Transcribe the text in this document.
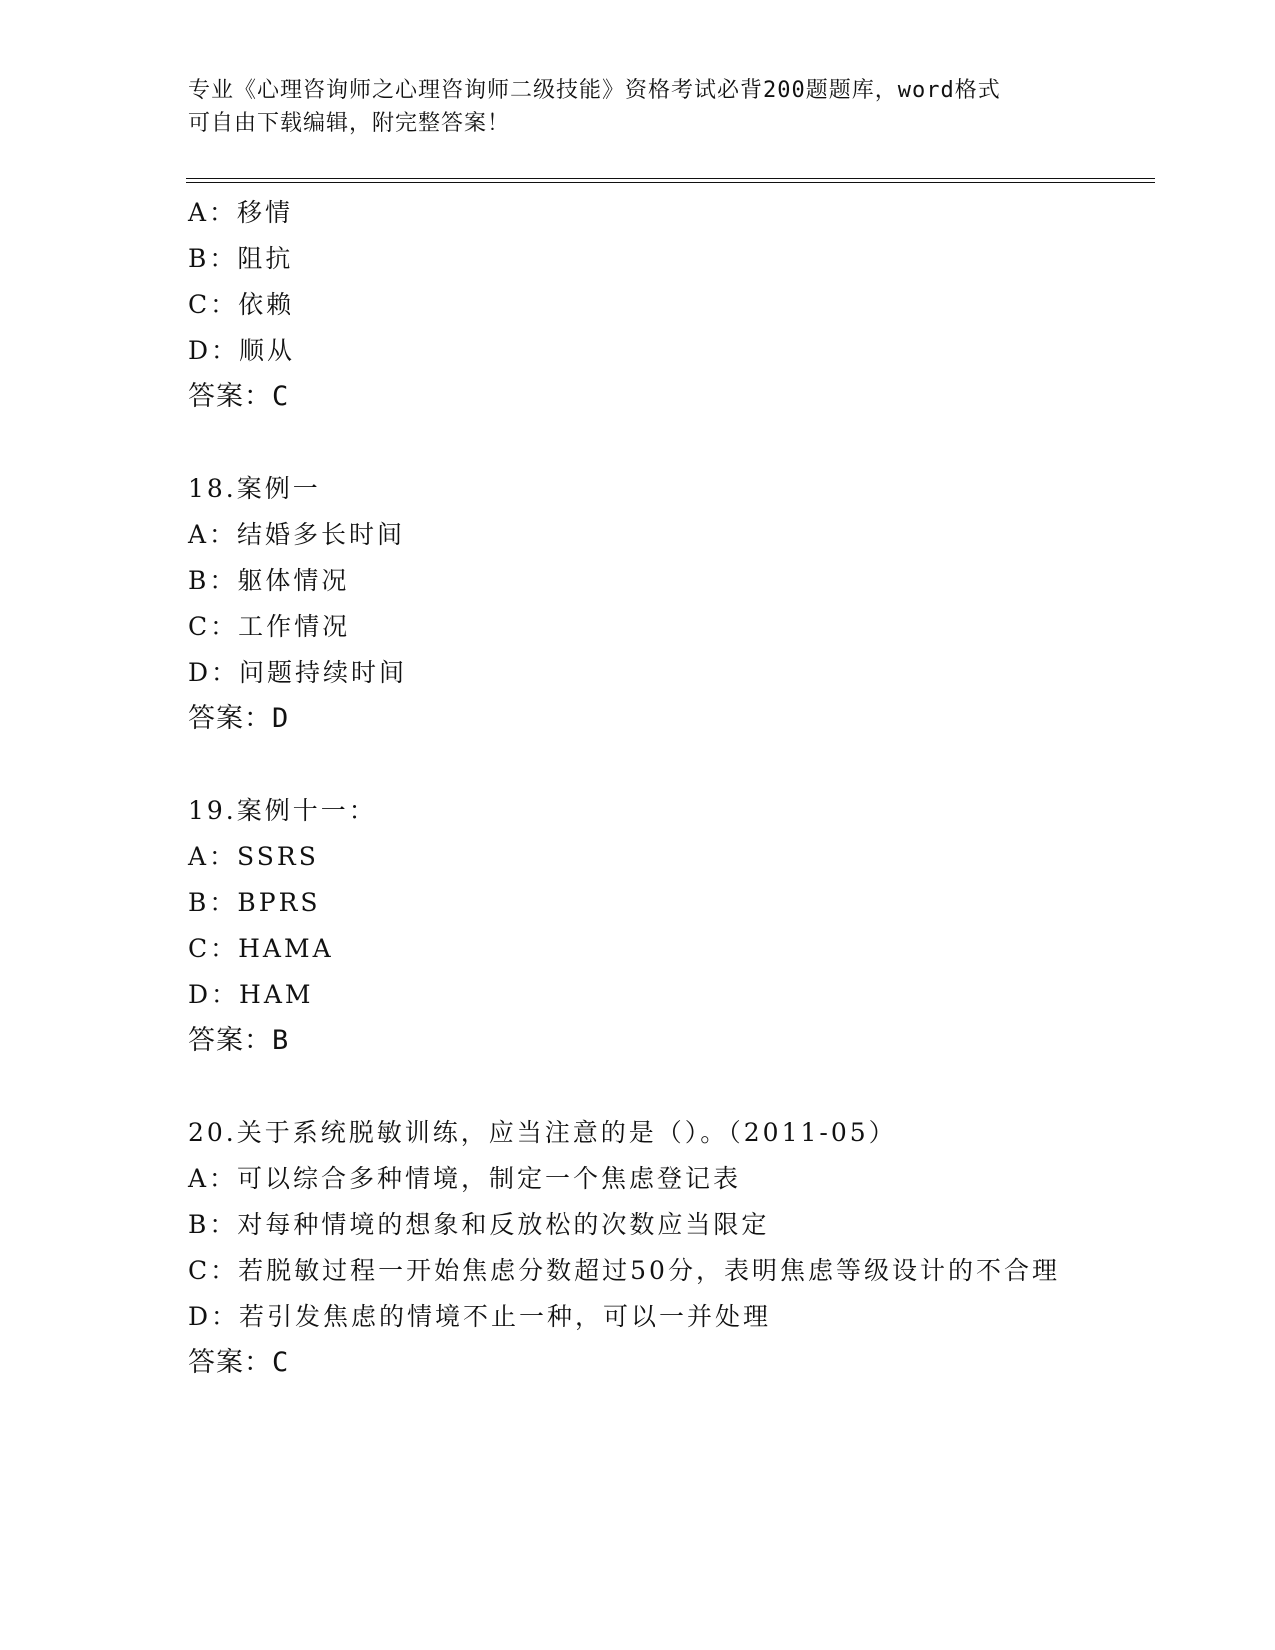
专业《心理咨询师之心理咨询师二级技能》资格考试必背200题题库，word格式
可自由下载编辑，附完整答案！
A：移情
B：阻抗
C：依赖
D：顺从
答案：C
18.案例一
A：结婚多长时间
B：躯体情况
C：工作情况
D：问题持续时间
答案：D
19.案例十一：
A：SSRS
B：BPRS
C：HAMA
D：HAM
答案：B
20.关于系统脱敏训练，应当注意的是（）。（2011-05）
A：可以综合多种情境，制定一个焦虑登记表
B：对每种情境的想象和反放松的次数应当限定
C：若脱敏过程一开始焦虑分数超过50分，表明焦虑等级设计的不合理
D：若引发焦虑的情境不止一种，可以一并处理
答案：C
